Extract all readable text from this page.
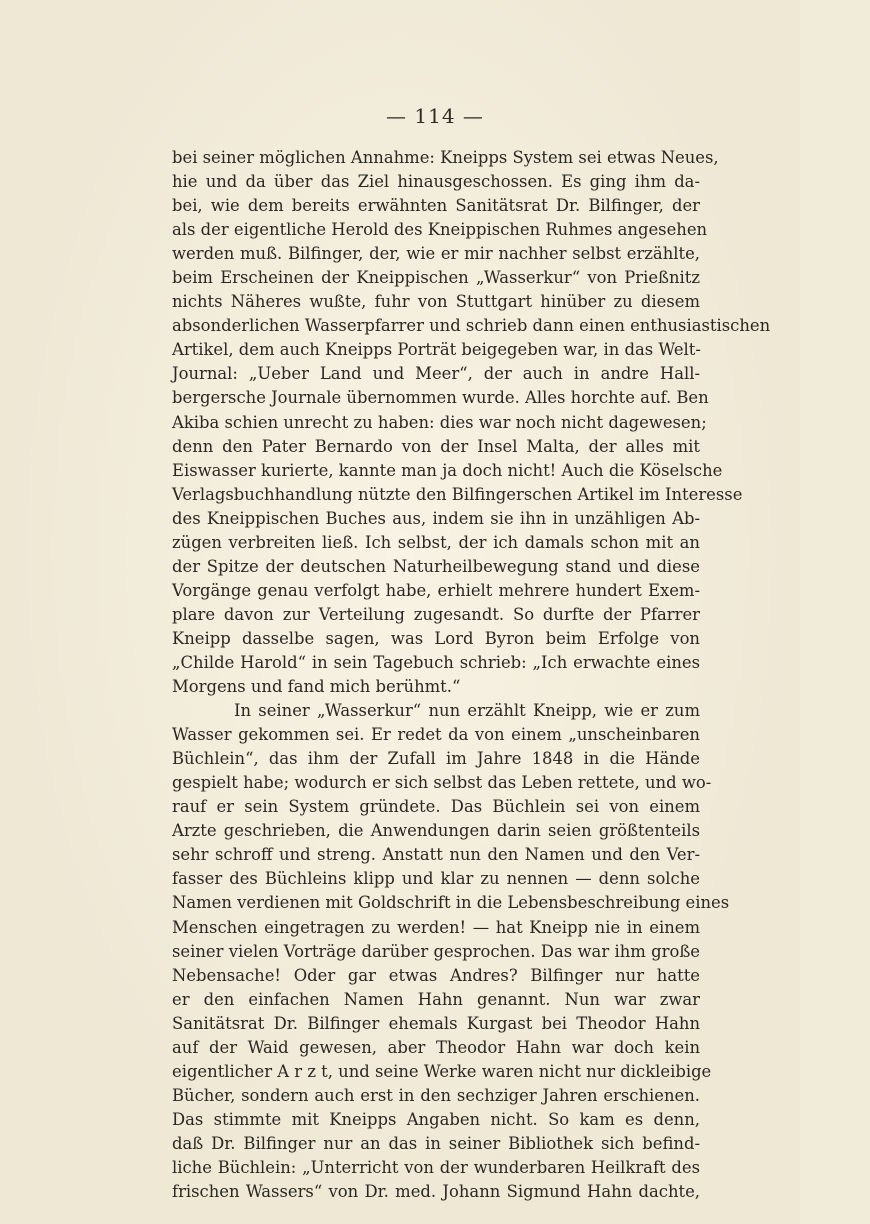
— 114 —
bei seiner möglichen Annahme: Kneipps System sei etwas Neues,
hie und da über das Ziel hinausgeschossen. Es ging ihm da-
bei, wie dem bereits erwähnten Sanitätsrat Dr. Bilfinger, der
als der eigentliche Herold des Kneippischen Ruhmes angesehen
werden muß. Bilfinger, der, wie er mir nachher selbst erzählte,
beim Erscheinen der Kneippischen „Wasserkur“ von Prießnitz
nichts Näheres wußte, fuhr von Stuttgart hinüber zu diesem
absonderlichen Wasserpfarrer und schrieb dann einen enthusiastischen
Artikel, dem auch Kneipps Porträt beigegeben war, in das Welt-
Journal: „Ueber Land und Meer“, der auch in andre Hall-
bergersche Journale übernommen wurde. Alles horchte auf. Ben
Akiba schien unrecht zu haben: dies war noch nicht dagewesen;
denn den Pater Bernardo von der Insel Malta, der alles mit
Eiswasser kurierte, kannte man ja doch nicht! Auch die Köselsche
Verlagsbuchhandlung nützte den Bilfingerschen Artikel im Interesse
des Kneippischen Buches aus, indem sie ihn in unzähligen Ab-
zügen verbreiten ließ. Ich selbst, der ich damals schon mit an
der Spitze der deutschen Naturheilbewegung stand und diese
Vorgänge genau verfolgt habe, erhielt mehrere hundert Exem-
plare davon zur Verteilung zugesandt. So durfte der Pfarrer
Kneipp dasselbe sagen, was Lord Byron beim Erfolge von
„Childe Harold“ in sein Tagebuch schrieb: „Ich erwachte eines
Morgens und fand mich berühmt.“
In seiner „Wasserkur“ nun erzählt Kneipp, wie er zum
Wasser gekommen sei. Er redet da von einem „unscheinbaren
Büchlein“, das ihm der Zufall im Jahre 1848 in die Hände
gespielt habe; wodurch er sich selbst das Leben rettete, und wo-
rauf er sein System gründete. Das Büchlein sei von einem
Arzte geschrieben, die Anwendungen darin seien größtenteils
sehr schroff und streng. Anstatt nun den Namen und den Ver-
fasser des Büchleins klipp und klar zu nennen — denn solche
Namen verdienen mit Goldschrift in die Lebensbeschreibung eines
Menschen eingetragen zu werden! — hat Kneipp nie in einem
seiner vielen Vorträge darüber gesprochen. Das war ihm große
Nebensache! Oder gar etwas Andres? Bilfinger nur hatte
er den einfachen Namen Hahn genannt. Nun war zwar
Sanitätsrat Dr. Bilfinger ehemals Kurgast bei Theodor Hahn
auf der Waid gewesen, aber Theodor Hahn war doch kein
eigentlicher A r z t, und seine Werke waren nicht nur dickleibige
Bücher, sondern auch erst in den sechziger Jahren erschienen.
Das stimmte mit Kneipps Angaben nicht. So kam es denn,
daß Dr. Bilfinger nur an das in seiner Bibliothek sich befind-
liche Büchlein: „Unterricht von der wunderbaren Heilkraft des
frischen Wassers“ von Dr. med. Johann Sigmund Hahn dachte,
